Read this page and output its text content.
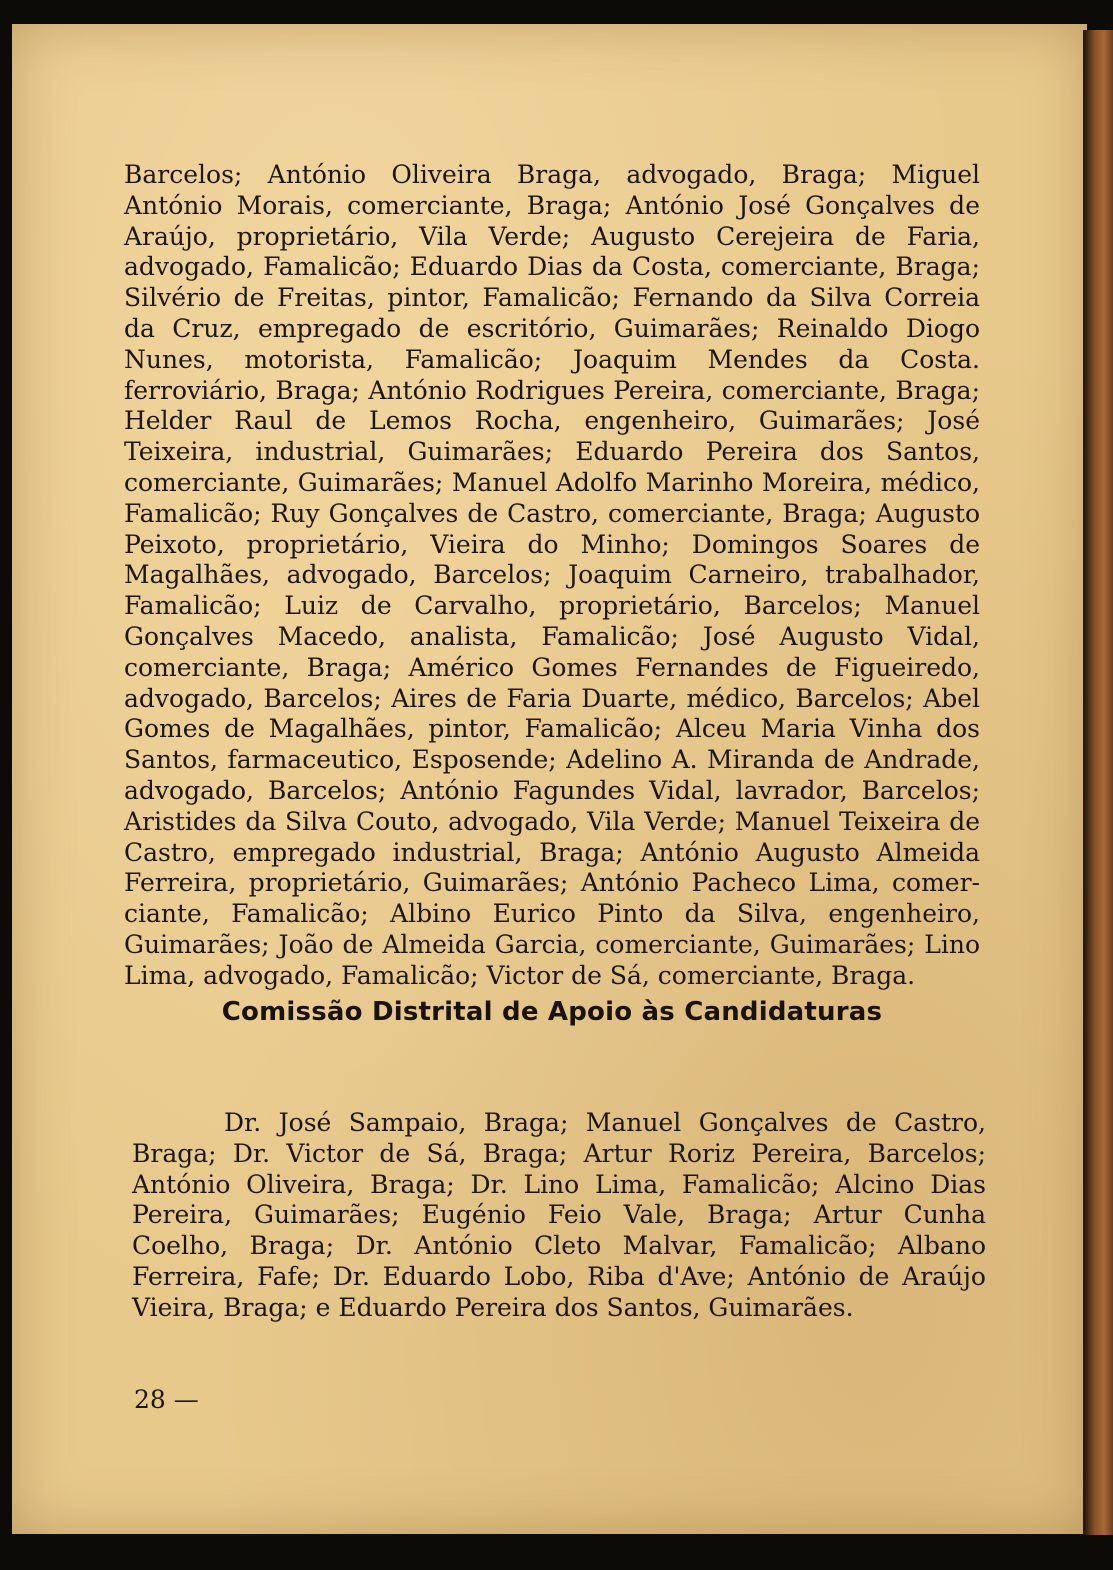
Barcelos; António Oliveira Braga, advogado, Braga; Miguel António Morais, comerciante, Braga; António José Gonçalves de Araújo, proprietário, Vila Verde; Augusto Cerejeira de Faria, advogado, Famalicão; Eduardo Dias da Costa, comerciante, Braga; Silvério de Freitas, pintor, Famalicão; Fernando da Silva Correia da Cruz, empregado de escritório, Guimarães; Reinaldo Diogo Nunes, motorista, Famalicão; Joaquim Mendes da Costa. ferroviário, Braga; António Rodrigues Pereira, comerciante, Braga; Helder Raul de Lemos Rocha, engenheiro, Guimarães; José Teixeira, industrial, Guimarães; Eduardo Pereira dos Santos, comerciante, Guimarães; Manuel Adolfo Marinho Moreira, médico, Famalicão; Ruy Gonçalves de Castro, comerciante, Braga; Augusto Peixoto, proprietário, Vieira do Minho; Domingos Soares de Magalhães, advogado, Barcelos; Joaquim Carneiro, trabalhador, Famalicão; Luiz de Carvalho, proprietário, Barcelos; Manuel Gonçalves Macedo, analista, Famalicão; José Augusto Vidal, comerciante, Braga; Américo Gomes Fernandes de Figueiredo, advogado, Barcelos; Aires de Faria Duarte, médico, Barcelos; Abel Gomes de Magalhães, pintor, Famalicão; Alceu Maria Vinha dos Santos, farmaceutico, Esposende; Adelino A. Miranda de Andrade, advogado, Barcelos; António Fagundes Vidal, lavrador, Barcelos; Aristides da Silva Couto, advogado, Vila Verde; Manuel Teixeira de Castro, empregado industrial, Braga; António Augusto Almeida Ferreira, proprietário, Guimarães; António Pacheco Lima, comerciante, Famalicão; Albino Eurico Pinto da Silva, engenheiro, Guimarães; João de Almeida Garcia, comerciante, Guimarães; Lino Lima, advogado, Famalicão; Victor de Sá, comerciante, Braga.

Comissão Distrital de Apoio às Candidaturas

Dr. José Sampaio, Braga; Manuel Gonçalves de Castro, Braga; Dr. Victor de Sá, Braga; Artur Roriz Pereira, Barcelos; António Oliveira, Braga; Dr. Lino Lima, Famalicão; Alcino Dias Pereira, Guimarães; Eugénio Feio Vale, Braga; Artur Cunha Coelho, Braga; Dr. António Cleto Malvar, Famalicão; Albano Ferreira, Fafe; Dr. Eduardo Lobo, Riba d'Ave; António de Araújo Vieira, Braga; e Eduardo Pereira dos Santos, Guimarães.

28 —
